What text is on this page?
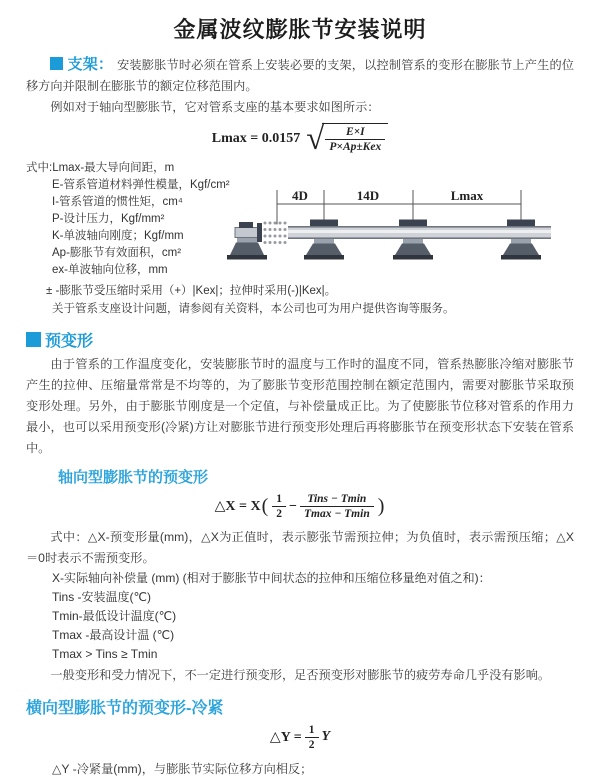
金属波纹膨胀节安装说明

支架： 安装膨胀节时必须在管系上安装必要的支架，以控制管系的变形在膨胀节上产生的位移方向并限制在膨胀节的额定位移范围内。

例如对于轴向型膨胀节，它对管系支座的基本要求如图所示：

Lmax = 0.0157 √ $\frac{E\times I}{\text{P×Ap±Kex}}$
式中:Lmax-最大导向间距，m
E-管系管道材料弹性模量，Kgf/cm²
I-管系管道的惯性矩，cm⁴
P-设计压力，Kgf/mm²
K-单波轴向刚度；Kgf/mm
Ap-膨胀节有效面积，cm²
ex-单波轴向位移，mm
4D	14D	Lmax
± -膨胀节受压缩时采用（+）|Kex|；拉伸时采用(-)|Kex|。
关于管系支座设计问题，请参阅有关资料，本公司也可为用户提供咨询等服务。
预变形

由于管系的工作温度变化，安装膨胀节时的温度与工作时的温度不同，管系热膨胀冷缩对膨胀节产生的拉伸、压缩量常常是不均等的，为了膨胀节变形范围控制在额定范围内，需要对膨胀节采取预变形处理。另外，由于膨胀节刚度是一个定值，与补偿量成正比。为了使膨胀节位移对管系的作用力最小，也可以采用预变形(冷紧)方让对膨胀节进行预变形处理后再将膨胀节在预变形状态下安装在管系中。

轴向型膨胀节的预变形
△X = X ( $\frac{1}{2} - \frac{\text{Tins − Tmin}}{Tmax - Tmin}$ )

式中：△X-预变形量(mm)，△X为正值时，表示膨张节需预拉伸；为负值时，表示需预压缩；△X＝0时表示不需预变形。

X-实际轴向补偿量 (mm) (相对于膨胀节中间状态的拉伸和压缩位移量绝对值之和)：
Tins -安装温度(℃)
Tmin-最低设计温度(℃)
Tmax -最高设计温 (℃)
Tmax > Tins ≥ Tmin

一般变形和受力情况下，不一定进行预变形，足否预变形对膨胀节的疲劳寿命几乎没有影响。

横向型膨胀节的预变形-冷紧
△Y = $\frac{1}{2}$ Y
△Y -冷紧量(mm)，与膨胀节实际位移方向相反；
